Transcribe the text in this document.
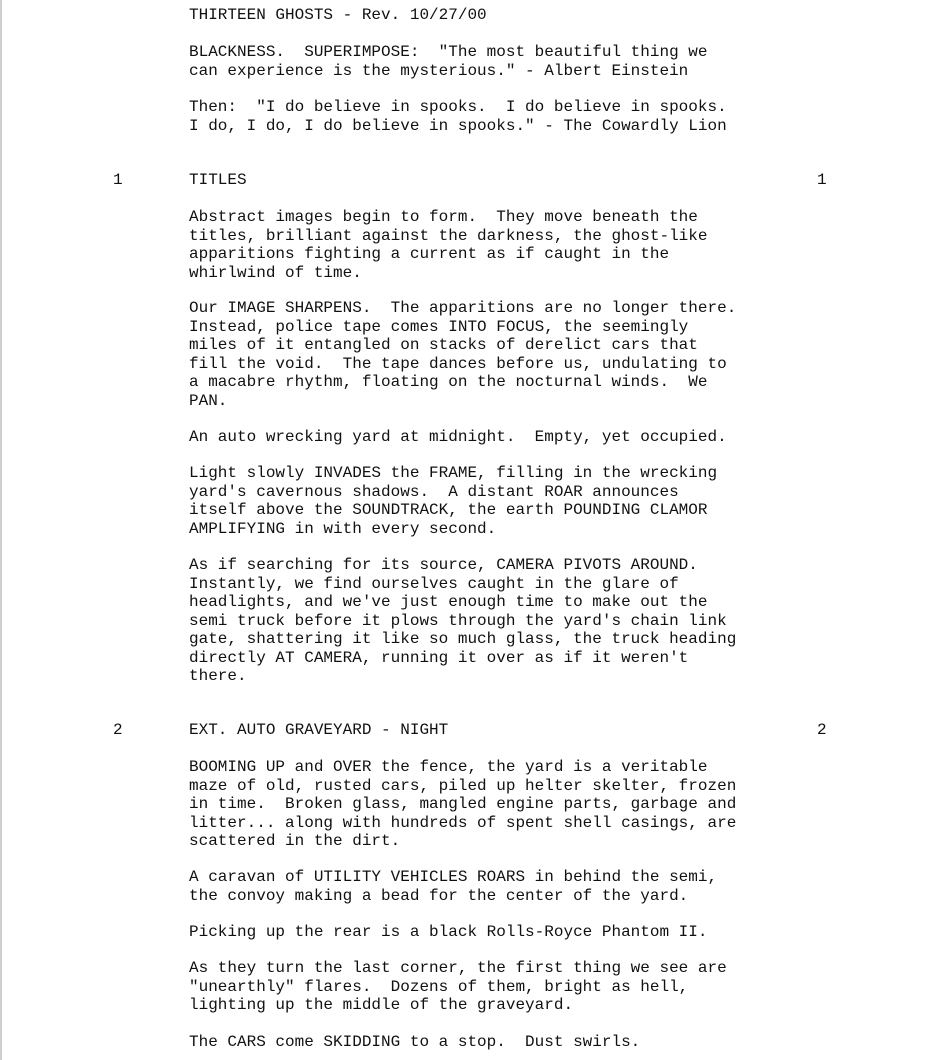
THIRTEEN GHOSTS - Rev. 10/27/00
BLACKNESS.  SUPERIMPOSE:  "The most beautiful thing we
can experience is the mysterious." - Albert Einstein
Then:  "I do believe in spooks.  I do believe in spooks.
I do, I do, I do believe in spooks." - The Cowardly Lion
1	TITLES	1
Abstract images begin to form.  They move beneath the
titles, brilliant against the darkness, the ghost-like
apparitions fighting a current as if caught in the
whirlwind of time.
Our IMAGE SHARPENS.  The apparitions are no longer there.
Instead, police tape comes INTO FOCUS, the seemingly
miles of it entangled on stacks of derelict cars that
fill the void.  The tape dances before us, undulating to
a macabre rhythm, floating on the nocturnal winds.  We
PAN.
An auto wrecking yard at midnight.  Empty, yet occupied.
Light slowly INVADES the FRAME, filling in the wrecking
yard's cavernous shadows.  A distant ROAR announces
itself above the SOUNDTRACK, the earth POUNDING CLAMOR
AMPLIFYING in with every second.
As if searching for its source, CAMERA PIVOTS AROUND.
Instantly, we find ourselves caught in the glare of
headlights, and we've just enough time to make out the
semi truck before it plows through the yard's chain link
gate, shattering it like so much glass, the truck heading
directly AT CAMERA, running it over as if it weren't
there.
2	EXT. AUTO GRAVEYARD - NIGHT	2
BOOMING UP and OVER the fence, the yard is a veritable
maze of old, rusted cars, piled up helter skelter, frozen
in time.  Broken glass, mangled engine parts, garbage and
litter... along with hundreds of spent shell casings, are
scattered in the dirt.
A caravan of UTILITY VEHICLES ROARS in behind the semi,
the convoy making a bead for the center of the yard.
Picking up the rear is a black Rolls-Royce Phantom II.
As they turn the last corner, the first thing we see are
"unearthly" flares.  Dozens of them, bright as hell,
lighting up the middle of the graveyard.
The CARS come SKIDDING to a stop.  Dust swirls.
